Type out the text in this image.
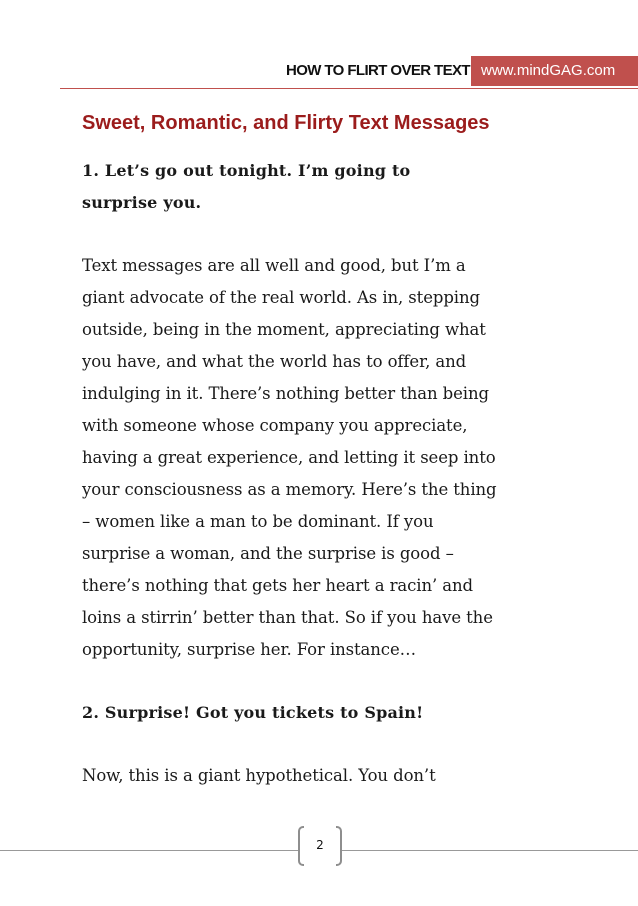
HOW TO FLIRT OVER TEXT www.mindGAG.com
Sweet, Romantic, and Flirty Text Messages

1. Let’s go out tonight. I’m going to

surprise you.

Text messages are all well and good, but I’m a

giant advocate of the real world. As in, stepping

outside, being in the moment, appreciating what

you have, and what the world has to offer, and

indulging in it. There’s nothing better than being

with someone whose company you appreciate,

having a great experience, and letting it seep into

your consciousness as a memory. Here’s the thing

– women like a man to be dominant. If you

surprise a woman, and the surprise is good –

there’s nothing that gets her heart a racin’ and

loins a stirrin’ better than that. So if you have the

opportunity, surprise her. For instance…

2. Surprise! Got you tickets to Spain!

Now, this is a giant hypothetical. You don’t

2
